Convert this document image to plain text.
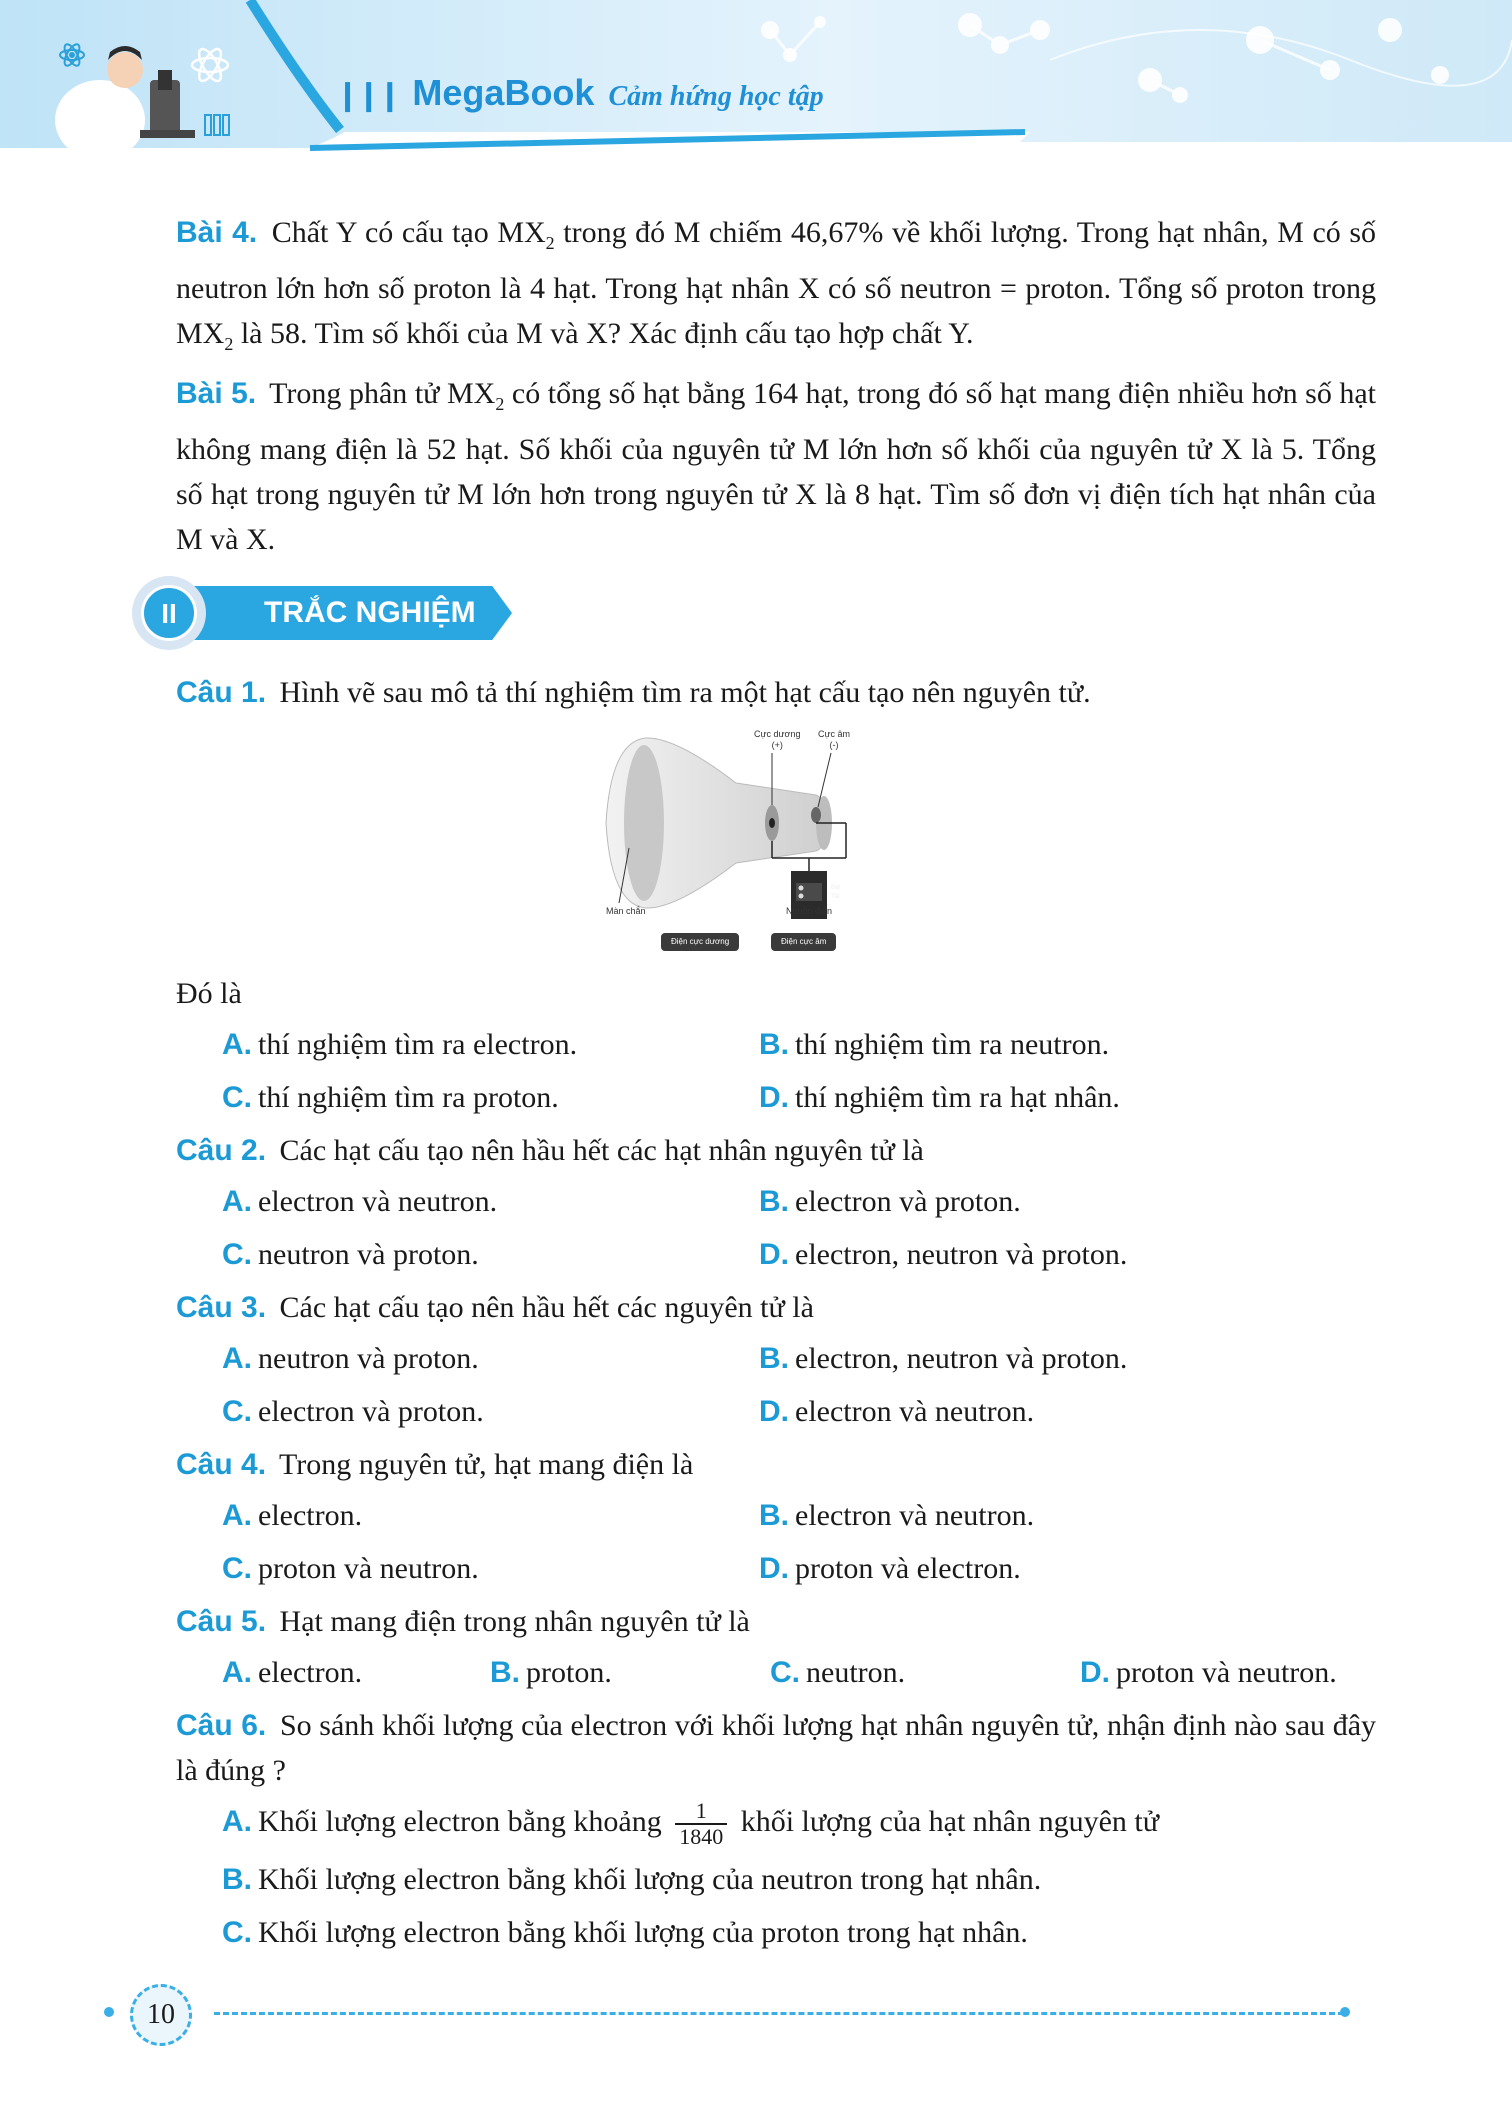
❙❙❙ MegaBook Cảm hứng học tập

Bài 4. Chất Y có cấu tạo $MX_2$ trong đó M chiếm 46,67% về khối lượng. Trong hạt nhân, M có số neutron lớn hơn số proton là 4 hạt. Trong hạt nhân X có số neutron = proton. Tổng số proton trong $MX_2$ là 58. Tìm số khối của M và X? Xác định cấu tạo hợp chất Y.

Bài 5. Trong phân tử $MX_2$ có tổng số hạt bằng 164 hạt, trong đó số hạt mang điện nhiều hơn số hạt không mang điện là 52 hạt. Số khối của nguyên tử M lớn hơn số khối của nguyên tử X là 5. Tổng số hạt trong nguyên tử M lớn hơn trong nguyên tử X là 8 hạt. Tìm số đơn vị điện tích hạt nhân của M và X.

II	TRẮC NGHIỆM
Câu 1. Hình vẽ sau mô tả thí nghiệm tìm ra một hạt cấu tạo nên nguyên tử.
Cực dương
(+)
Cực âm
(-)
Bật
Tắt
Màn chắn	Nguồn điện
Điện cực dương	Điện cực âm
Đó là
A. thí nghiệm tìm ra electron.	B. thí nghiệm tìm ra neutron.
C. thí nghiệm tìm ra proton.	D. thí nghiệm tìm ra hạt nhân.
Câu 2. Các hạt cấu tạo nên hầu hết các hạt nhân nguyên tử là
A. electron và neutron.	B. electron và proton.
C. neutron và proton.	D. electron, neutron và proton.
Câu 3. Các hạt cấu tạo nên hầu hết các nguyên tử là
A. neutron và proton.	B. electron, neutron và proton.
C. electron và proton.	D. electron và neutron.
Câu 4. Trong nguyên tử, hạt mang điện là
A. electron.	B. electron và neutron.
C. proton và neutron.	D. proton và electron.
Câu 5. Hạt mang điện trong nhân nguyên tử là
A. electron.	B. proton.	C. neutron.	D. proton và neutron.
Câu 6. So sánh khối lượng của electron với khối lượng hạt nhân nguyên tử, nhận định nào sau đây là đúng ?
A. Khối lượng electron bằng khoảng $\frac{1}{1840}$ khối lượng của hạt nhân nguyên tử
B. Khối lượng electron bằng khối lượng của neutron trong hạt nhân.
C. Khối lượng electron bằng khối lượng của proton trong hạt nhân.
10
